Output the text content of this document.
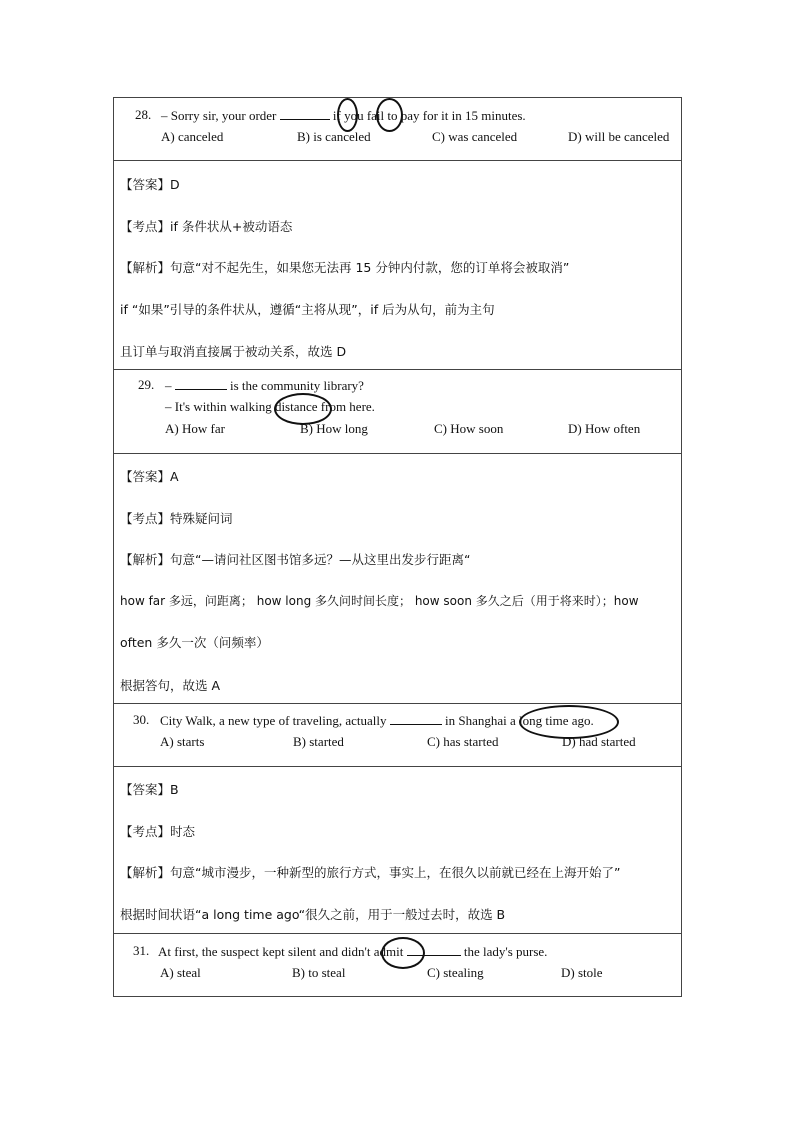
28. – Sorry sir, your order	if you fail to pay for it in 15 minutes.
A) canceled	B) is canceled	C) was canceled	D) will be canceled
【答案】D
【考点】if 条件状从+被动语态
【解析】句意“对不起先生，如果您无法再 15 分钟内付款，您的订单将会被取消”
if “如果”引导的条件状从，遵循“主将从现”，if 后为从句，前为主句
且订单与取消直接属于被动关系，故选 D
29. –	is the community library?
– It's within walking distance from here.
A) How far	B) How long	C) How soon	D) How often
【答案】A
【考点】特殊疑问词
【解析】句意“—请问社区图书馆多远？—从这里出发步行距离“
how far 多远，问距离； how long 多久问时间长度； how soon 多久之后（用于将来时）；how
often 多久一次（问频率）
根据答句，故选 A
30. City Walk, a new type of traveling, actually	in Shanghai a long time ago.
A) starts	B) started	C) has started	D) had started
【答案】B
【考点】时态
【解析】句意“城市漫步，一种新型的旅行方式，事实上，在很久以前就已经在上海开始了”
根据时间状语“a long time ago“很久之前，用于一般过去时，故选 B
31. At first, the suspect kept silent and didn't admit	the lady's purse.
A) steal	B) to steal	C) stealing	D) stole
